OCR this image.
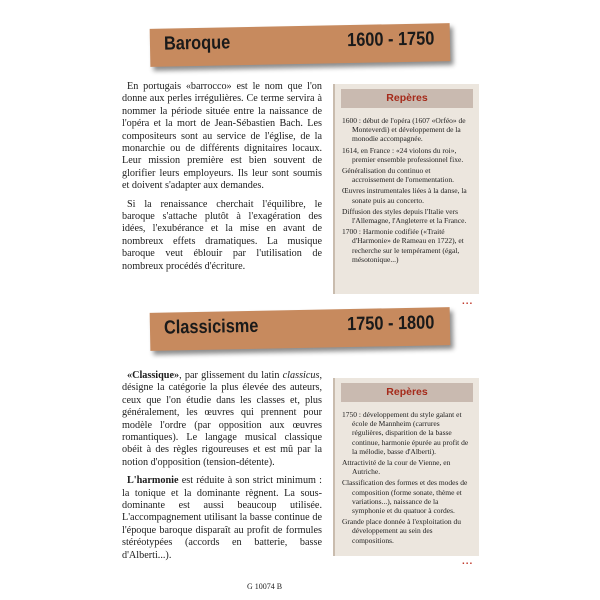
Baroque	1600 - 1750

En portugais «barrocco» est le nom que l'on donne aux perles irrégulières. Ce terme servira à nommer la période située entre la naissance de l'opéra et la mort de Jean-Sébastien Bach. Les compositeurs sont au service de l'église, de la monarchie ou de différents dignitaires locaux. Leur mission première est bien souvent de glorifier leurs employeurs. Ils leur sont soumis et doivent s'adapter aux demandes.

Si la renaissance cherchait l'équilibre, le baroque s'attache plutôt à l'exagération des idées, l'exubérance et la mise en avant de nombreux effets dramatiques. La musique baroque veut éblouir par l'utilisation de nombreux procédés d'écriture.

Repères
1600 : début de l'opéra (1607 «Orféo» de Monteverdi) et développement de la monodie accompagnée.
1614, en France : «24 violons du roi», premier ensemble professionnel fixe.
Généralisation du continuo et accroissement de l'ornementation.
Œuvres instrumentales liées à la danse, la sonate puis au concerto.
Diffusion des styles depuis l'Italie vers l'Allemagne, l'Angleterre et la France.
1700 : Harmonie codifiée («Traité d'Harmonie» de Rameau en 1722), et recherche sur le tempérament (égal, mésotonique...)
...
Classicisme	1750 - 1800

«Classique», par glissement du latin classicus, désigne la catégorie la plus élevée des auteurs, ceux que l'on étudie dans les classes et, plus généralement, les œuvres qui prennent pour modèle l'ordre (par opposition aux œuvres romantiques). Le langage musical classique obéit à des règles rigoureuses et est mû par la notion d'opposition (tension-détente).

L'harmonie est réduite à son strict minimum : la tonique et la dominante règnent. La sous-dominante est aussi beaucoup utilisée. L'accompagnement utilisant la basse continue de l'époque baroque disparaît au profit de formules stéréotypées (accords en batterie, basse d'Alberti...).

Repères
1750 : développement du style galant et école de Mannheim (carrures régulières, disparition de la basse continue, harmonie épurée au profit de la mélodie, basse d'Alberti).
Attractivité de la cour de Vienne, en Autriche.
Classification des formes et des modes de composition (forme sonate, thème et variations...), naissance de la symphonie et du quatuor à cordes.
Grande place donnée à l'exploitation du développement au sein des compositions.
...
G 10074 B
